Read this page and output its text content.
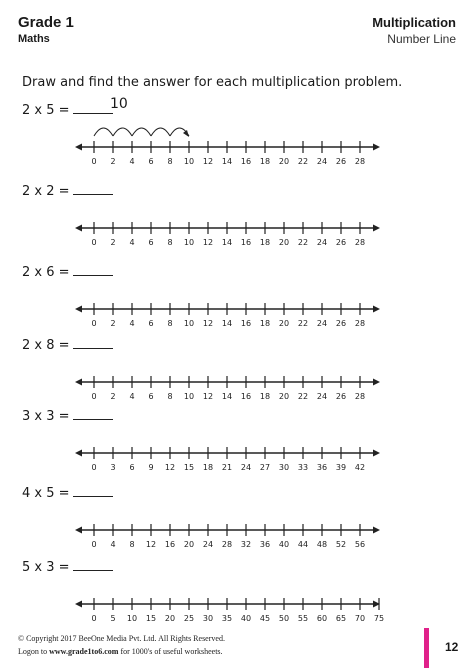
Grade 1
Maths
Multiplication
Number Line
Draw and find the answer for each multiplication problem.
2 x 5 =	10
0 2 4 6 8 10 12 14 16 18 20 22 24 26 28
2 x 2 =
0 2 4 6 8 10 12 14 16 18 20 22 24 26 28
2 x 6 =
0 2 4 6 8 10 12 14 16 18 20 22 24 26 28
2 x 8 =
0 2 4 6 8 10 12 14 16 18 20 22 24 26 28
3 x 3 =
0 3 6 9 12 15 18 21 24 27 30 33 36 39 42
4 x 5 =
0 4 8 12 16 20 24 28 32 36 40 44 48 52 56
5 x 3 =
0 5 10 15 20 25 30 35 40 45 50 55 60 65 70 75
© Copyright 2017 BeeOne Media Pvt. Ltd. All Rights Reserved.
Logon to www.grade1to6.com for 1000's of useful worksheets.	12
